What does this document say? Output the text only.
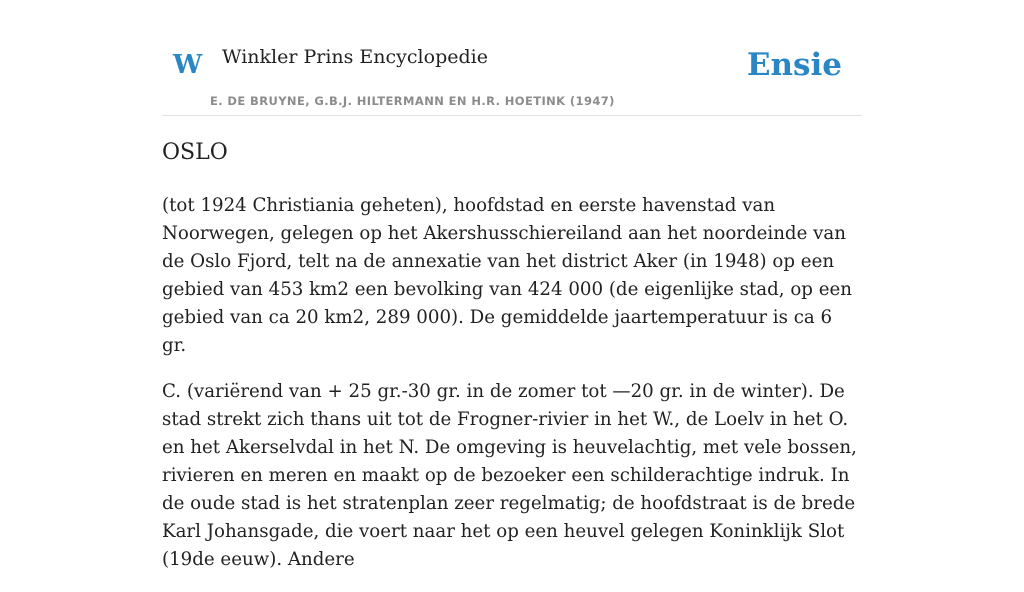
W Winkler Prins Encyclopedie
E. DE BRUYNE, G.B.J. HILTERMANN EN H.R. HOETINK (1947)
Ensie
OSLO

(tot 1924 Christiania geheten), hoofdstad en eerste havenstad van Noorwegen, gelegen op het Akershusschiereiland aan het noordeinde van de Oslo Fjord, telt na de annexatie van het district Aker (in 1948) op een gebied van 453 km2 een bevolking van 424 000 (de eigenlijke stad, op een gebied van ca 20 km2, 289 000). De gemiddelde jaartemperatuur is ca 6 gr.

C. (variërend van + 25 gr.-30 gr. in de zomer tot —20 gr. in de winter). De stad strekt zich thans uit tot de Frogner-rivier in het W., de Loelv in het O. en het Akerselvdal in het N. De omgeving is heuvelachtig, met vele bossen, rivieren en meren en maakt op de bezoeker een schilderachtige indruk. In de oude stad is het stratenplan zeer regelmatig; de hoofdstraat is de brede Karl Johansgade, die voert naar het op een heuvel gelegen Koninklijk Slot (19de eeuw). Andere
